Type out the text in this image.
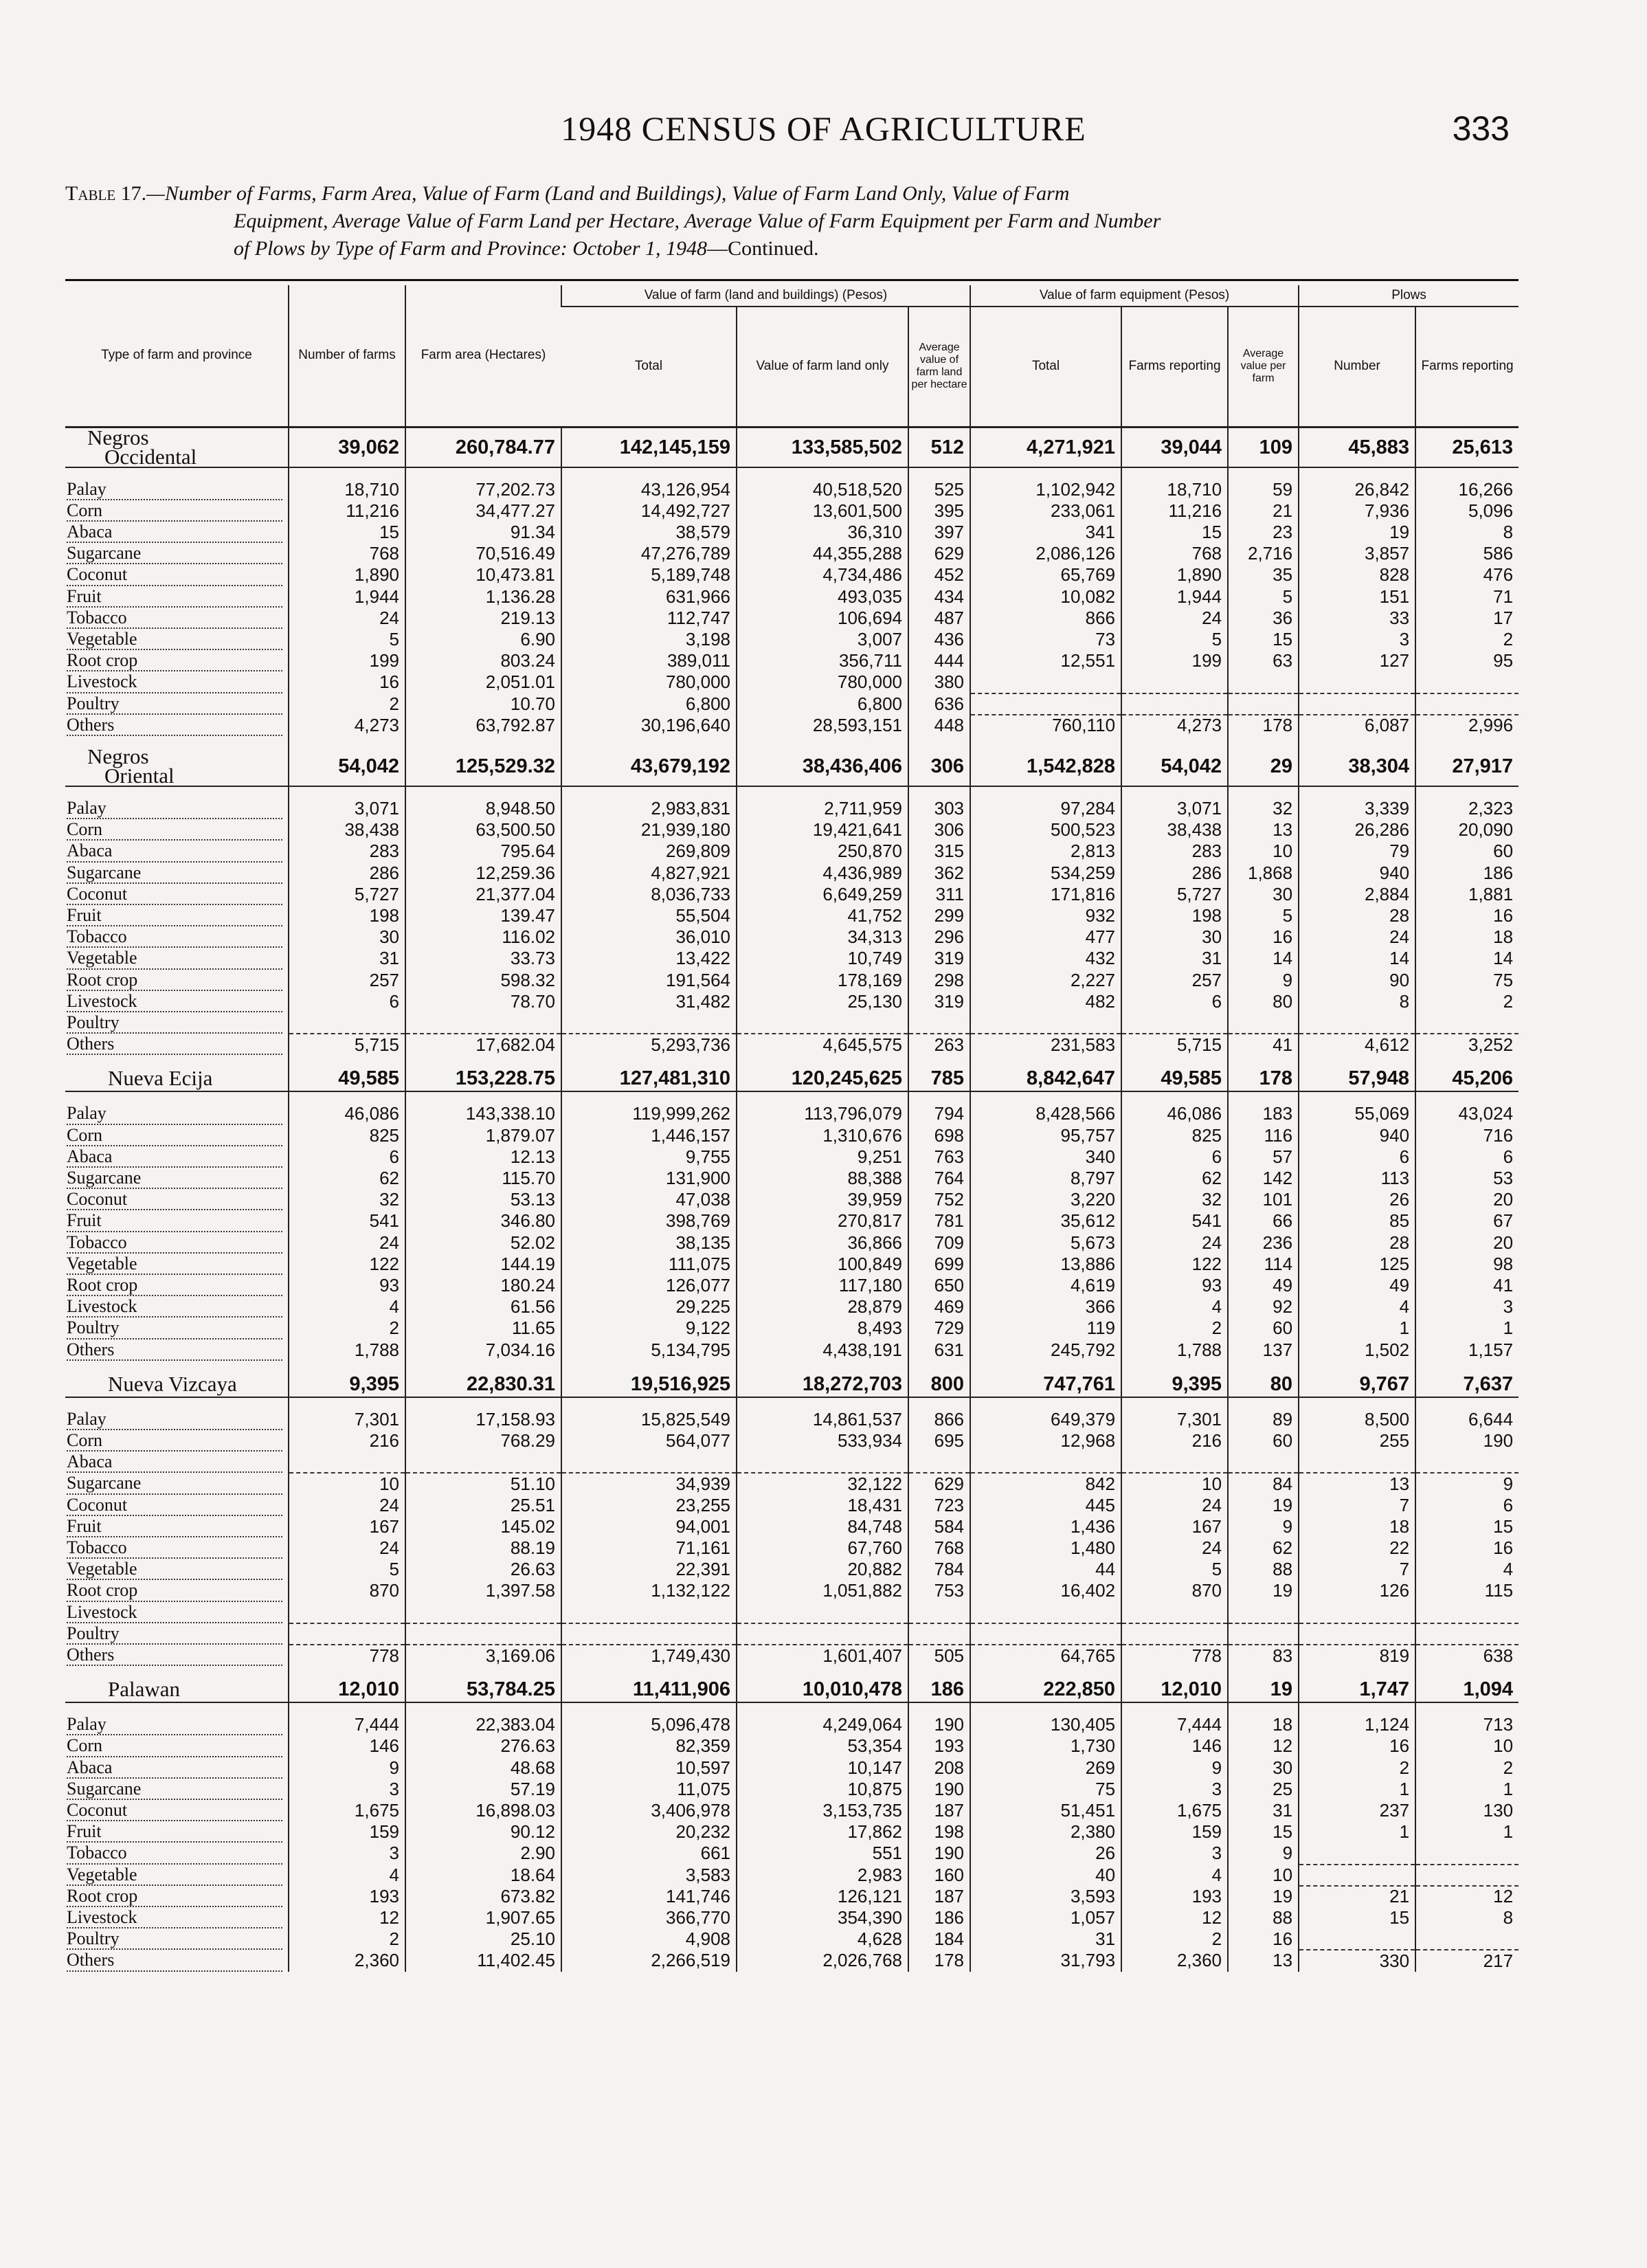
1948 CENSUS OF AGRICULTURE	333
Table 17.—Number of Farms, Farm Area, Value of Farm (Land and Buildings), Value of Farm Land Only, Value of Farm
Equipment, Average Value of Farm Land per Hectare, Average Value of Farm Equipment per Farm and Number
of Plows by Type of Farm and Province: October 1, 1948—Continued.
Type of farm and province	Number of farms	Farm area (Hectares)	Value of farm (land and buildings) (Pesos)			Value of farm equipment (Pesos)			Plows	
			Total	Value of farm land only	Average value of farm land per hectare	Total	Farms reporting	Average value per farm	Number	Farms reporting
Negros
Occidental	39,062	260,784.77	142,145,159	133,585,502	512	4,271,921	39,044	109	45,883	25,613

Palay	18,710	77,202.73	43,126,954	40,518,520	525	1,102,942	18,710	59	26,842	16,266

Corn	11,216	34,477.27	14,492,727	13,601,500	395	233,061	11,216	21	7,936	5,096

Abaca	15	91.34	38,579	36,310	397	341	15	23	19	8

Sugarcane	768	70,516.49	47,276,789	44,355,288	629	2,086,126	768	2,716	3,857	586

Coconut	1,890	10,473.81	5,189,748	4,734,486	452	65,769	1,890	35	828	476

Fruit	1,944	1,136.28	631,966	493,035	434	10,082	1,944	5	151	71

Tobacco	24	219.13	112,747	106,694	487	866	24	36	33	17

Vegetable	5	6.90	3,198	3,007	436	73	5	15	3	2

Root crop	199	803.24	389,011	356,711	444	12,551	199	63	127	95

Livestock	16	2,051.01	780,000	780,000	380					

Poultry	2	10.70	6,800	6,800	636					

Others	4,273	63,792.87	30,196,640	28,593,151	448	760,110	4,273	178	6,087	2,996

Negros
Oriental	54,042	125,529.32	43,679,192	38,436,406	306	1,542,828	54,042	29	38,304	27,917

Palay	3,071	8,948.50	2,983,831	2,711,959	303	97,284	3,071	32	3,339	2,323

Corn	38,438	63,500.50	21,939,180	19,421,641	306	500,523	38,438	13	26,286	20,090

Abaca	283	795.64	269,809	250,870	315	2,813	283	10	79	60

Sugarcane	286	12,259.36	4,827,921	4,436,989	362	534,259	286	1,868	940	186

Coconut	5,727	21,377.04	8,036,733	6,649,259	311	171,816	5,727	30	2,884	1,881

Fruit	198	139.47	55,504	41,752	299	932	198	5	28	16

Tobacco	30	116.02	36,010	34,313	296	477	30	16	24	18

Vegetable	31	33.73	13,422	10,749	319	432	31	14	14	14

Root crop	257	598.32	191,564	178,169	298	2,227	257	9	90	75

Livestock	6	78.70	31,482	25,130	319	482	6	80	8	2

Poultry										

Others	5,715	17,682.04	5,293,736	4,645,575	263	231,583	5,715	41	4,612	3,252

Nueva Ecija	49,585	153,228.75	127,481,310	120,245,625	785	8,842,647	49,585	178	57,948	45,206

Palay	46,086	143,338.10	119,999,262	113,796,079	794	8,428,566	46,086	183	55,069	43,024

Corn	825	1,879.07	1,446,157	1,310,676	698	95,757	825	116	940	716

Abaca	6	12.13	9,755	9,251	763	340	6	57	6	6

Sugarcane	62	115.70	131,900	88,388	764	8,797	62	142	113	53

Coconut	32	53.13	47,038	39,959	752	3,220	32	101	26	20

Fruit	541	346.80	398,769	270,817	781	35,612	541	66	85	67

Tobacco	24	52.02	38,135	36,866	709	5,673	24	236	28	20

Vegetable	122	144.19	111,075	100,849	699	13,886	122	114	125	98

Root crop	93	180.24	126,077	117,180	650	4,619	93	49	49	41

Livestock	4	61.56	29,225	28,879	469	366	4	92	4	3

Poultry	2	11.65	9,122	8,493	729	119	2	60	1	1

Others	1,788	7,034.16	5,134,795	4,438,191	631	245,792	1,788	137	1,502	1,157

Nueva Vizcaya	9,395	22,830.31	19,516,925	18,272,703	800	747,761	9,395	80	9,767	7,637

Palay	7,301	17,158.93	15,825,549	14,861,537	866	649,379	7,301	89	8,500	6,644

Corn	216	768.29	564,077	533,934	695	12,968	216	60	255	190

Abaca										

Sugarcane	10	51.10	34,939	32,122	629	842	10	84	13	9

Coconut	24	25.51	23,255	18,431	723	445	24	19	7	6

Fruit	167	145.02	94,001	84,748	584	1,436	167	9	18	15

Tobacco	24	88.19	71,161	67,760	768	1,480	24	62	22	16

Vegetable	5	26.63	22,391	20,882	784	44	5	88	7	4

Root crop	870	1,397.58	1,132,122	1,051,882	753	16,402	870	19	126	115

Livestock										

Poultry										

Others	778	3,169.06	1,749,430	1,601,407	505	64,765	778	83	819	638

Palawan	12,010	53,784.25	11,411,906	10,010,478	186	222,850	12,010	19	1,747	1,094

Palay	7,444	22,383.04	5,096,478	4,249,064	190	130,405	7,444	18	1,124	713

Corn	146	276.63	82,359	53,354	193	1,730	146	12	16	10

Abaca	9	48.68	10,597	10,147	208	269	9	30	2	2

Sugarcane	3	57.19	11,075	10,875	190	75	3	25	1	1

Coconut	1,675	16,898.03	3,406,978	3,153,735	187	51,451	1,675	31	237	130

Fruit	159	90.12	20,232	17,862	198	2,380	159	15	1	1

Tobacco	3	2.90	661	551	190	26	3	9		

Vegetable	4	18.64	3,583	2,983	160	40	4	10		

Root crop	193	673.82	141,746	126,121	187	3,593	193	19	21	12

Livestock	12	1,907.65	366,770	354,390	186	1,057	12	88	15	8

Poultry	2	25.10	4,908	4,628	184	31	2	16		

Others	2,360	11,402.45	2,266,519	2,026,768	178	31,793	2,360	13	330	217
